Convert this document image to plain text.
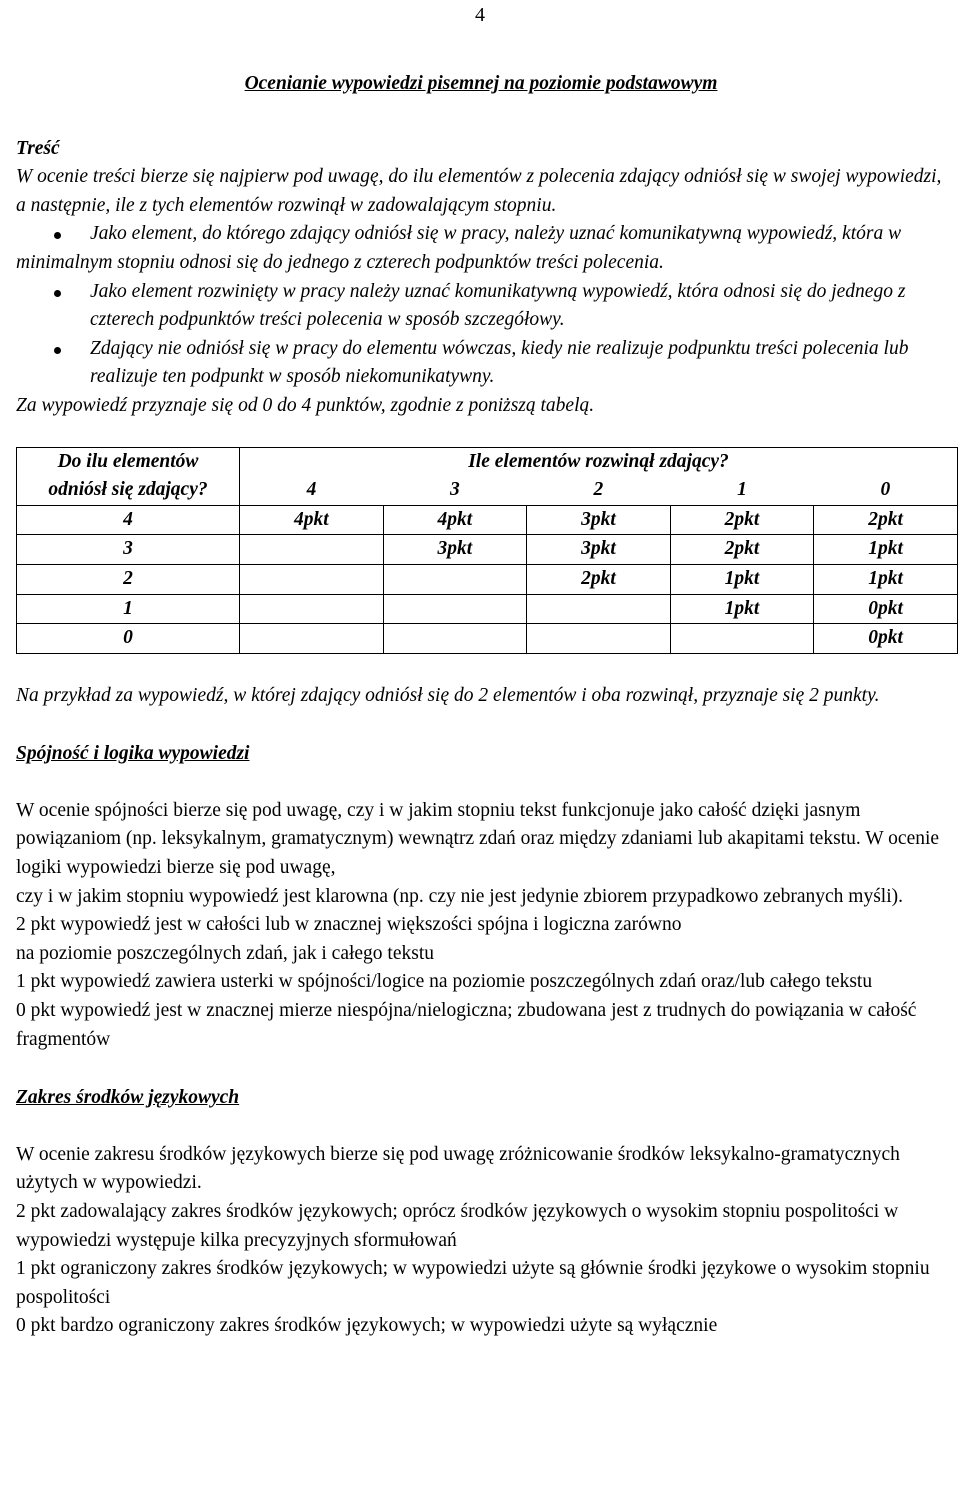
4

Ocenianie wypowiedzi pisemnej na poziomie podstawowym

Treść

W ocenie treści bierze się najpierw pod uwagę, do ilu elementów z polecenia zdający odniósł się w swojej wypowiedzi, a następnie, ile z tych elementów rozwinął w zadowalającym stopniu.

Jako element, do którego zdający odniósł się w pracy, należy uznać komunikatywną wypowiedź, która w minimalnym stopniu odnosi się do jednego z czterech podpunktów treści polecenia.
Jako element rozwinięty w pracy należy uznać komunikatywną wypowiedź, która odnosi się do jednego z czterech podpunktów treści polecenia w sposób szczegółowy.
Zdający nie odniósł się w pracy do elementu wówczas, kiedy nie realizuje podpunktu treści polecenia lub realizuje ten podpunkt w sposób niekomunikatywny.

Za wypowiedź przyznaje się od 0 do 4 punktów, zgodnie z poniższą tabelą.

Do ilu elementów
odniósł się zdający?	Ile elementów rozwinął zdający?				
	4	3	2	1	0
4	4pkt	4pkt	3pkt	2pkt	2pkt
3		3pkt	3pkt	2pkt	1pkt
2			2pkt	1pkt	1pkt
1				1pkt	0pkt
0					0pkt

Na przykład za wypowiedź, w której zdający odniósł się do 2 elementów i oba rozwinął, przyznaje się 2 punkty.

Spójność i logika wypowiedzi

W ocenie spójności bierze się pod uwagę, czy i w jakim stopniu tekst funkcjonuje jako całość dzięki jasnym powiązaniom (np. leksykalnym, gramatycznym) wewnątrz zdań oraz między zdaniami lub akapitami tekstu. W ocenie logiki wypowiedzi bierze się pod uwagę,

czy i w jakim stopniu wypowiedź jest klarowna (np. czy nie jest jedynie zbiorem przypadkowo zebranych myśli).

2 pkt wypowiedź jest w całości lub w znacznej większości spójna i logiczna zarówno

na poziomie poszczególnych zdań, jak i całego tekstu

1 pkt wypowiedź zawiera usterki w spójności/logice na poziomie poszczególnych zdań oraz/lub całego tekstu

0 pkt wypowiedź jest w znacznej mierze niespójna/nielogiczna; zbudowana jest z trudnych do powiązania w całość fragmentów

Zakres środków językowych

W ocenie zakresu środków językowych bierze się pod uwagę zróżnicowanie środków leksykalno-gramatycznych użytych w wypowiedzi.

2 pkt zadowalający zakres środków językowych; oprócz środków językowych o wysokim stopniu pospolitości w wypowiedzi występuje kilka precyzyjnych sformułowań

1 pkt ograniczony zakres środków językowych; w wypowiedzi użyte są głównie środki językowe o wysokim stopniu pospolitości

0 pkt bardzo ograniczony zakres środków językowych; w wypowiedzi użyte są wyłącznie
